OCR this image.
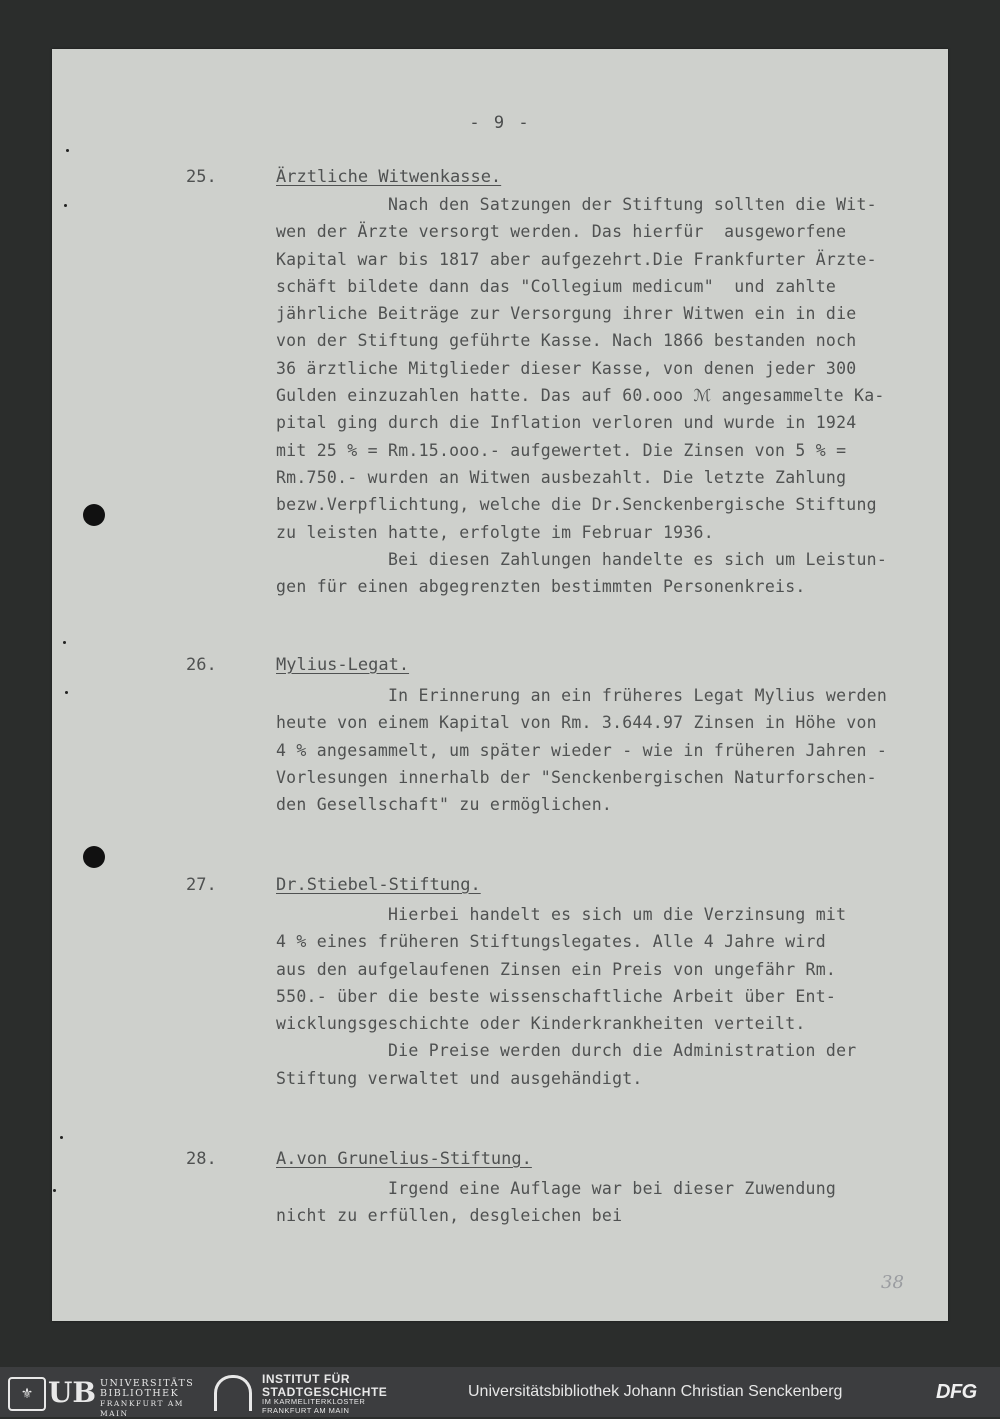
- 9 -
25.	Ärztliche Witwenkasse.
Nach den Satzungen der Stiftung sollten die Wit-
wen der Ärzte versorgt werden. Das hierfür  ausgeworfene
Kapital war bis 1817 aber aufgezehrt.Die Frankfurter Ärzte-
schäft bildete dann das "Collegium medicum"  und zahlte
jährliche Beiträge zur Versorgung ihrer Witwen ein in die
von der Stiftung geführte Kasse. Nach 1866 bestanden noch
36 ärztliche Mitglieder dieser Kasse, von denen jeder 300
Gulden einzuzahlen hatte. Das auf 60.ooo ℳ angesammelte Ka-
pital ging durch die Inflation verloren und wurde in 1924
mit 25 % = Rm.15.ooo.- aufgewertet. Die Zinsen von 5 % =
Rm.750.- wurden an Witwen ausbezahlt. Die letzte Zahlung
bezw.Verpflichtung, welche die Dr.Senckenbergische Stiftung
zu leisten hatte, erfolgte im Februar 1936.
Bei diesen Zahlungen handelte es sich um Leistun-
gen für einen abgegrenzten bestimmten Personenkreis.
26.	Mylius-Legat.
In Erinnerung an ein früheres Legat Mylius werden
heute von einem Kapital von Rm. 3.644.97 Zinsen in Höhe von
4 % angesammelt, um später wieder - wie in früheren Jahren -
Vorlesungen innerhalb der "Senckenbergischen Naturforschen-
den Gesellschaft" zu ermöglichen.
27.	Dr.Stiebel-Stiftung.
Hierbei handelt es sich um die Verzinsung mit
4 % eines früheren Stiftungslegates. Alle 4 Jahre wird
aus den aufgelaufenen Zinsen ein Preis von ungefähr Rm.
550.- über die beste wissenschaftliche Arbeit über Ent-
wicklungsgeschichte oder Kinderkrankheiten verteilt.
Die Preise werden durch die Administration der
Stiftung verwaltet und ausgehändigt.
28.	A.von Grunelius-Stiftung.
Irgend eine Auflage war bei dieser Zuwendung
nicht zu erfüllen, desgleichen bei
38
⚜ UB UNIVERSITÄTS
BIBLIOTHEK
FRANKFURT AM MAIN
INSTITUT FÜR
STADTGESCHICHTE
IM KARMELITERKLOSTER
FRANKFURT AM MAIN
Universitätsbibliothek Johann Christian Senckenberg	DFG
